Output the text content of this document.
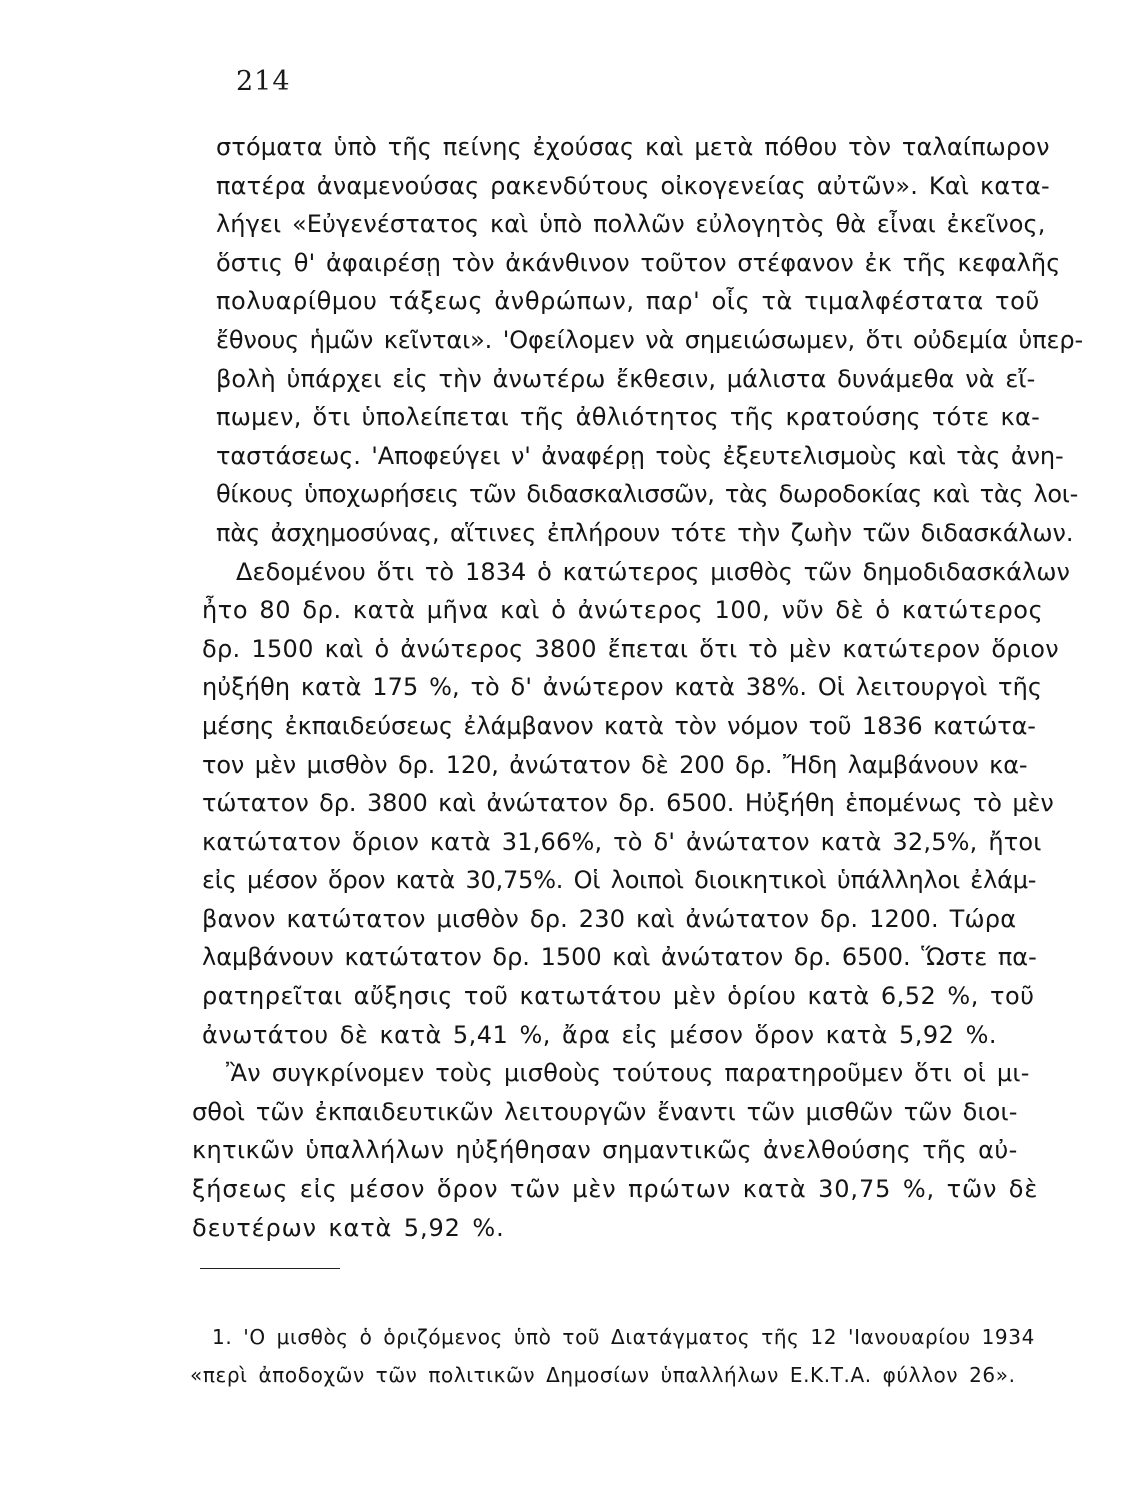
214
στόματα ὑπὸ τῆς πείνης ἐχούσας καὶ μετὰ πόθου τὸν ταλαίπωρον
πατέρα ἀναμενούσας ρακενδύτους οἰκογενείας αὐτῶν». Καὶ κατα-
λήγει «Εὐγενέστατος καὶ ὑπὸ πολλῶν εὐλογητὸς θὰ εἶναι ἐκεῖνος,
ὅστις θ' ἀφαιρέσῃ τὸν ἀκάνθινον τοῦτον στέφανον ἐκ τῆς κεφαλῆς
πολυαρίθμου τάξεως ἀνθρώπων, παρ' οἷς τὰ τιμαλφέστατα τοῦ
ἔθνους ἡμῶν κεῖνται». 'Οφείλομεν νὰ σημειώσωμεν, ὅτι οὐδεμία ὑπερ-
βολὴ ὑπάρχει εἰς τὴν ἀνωτέρω ἔκθεσιν, μάλιστα δυνάμεθα νὰ εἴ-
πωμεν, ὅτι ὑπολείπεται τῆς ἀθλιότητος τῆς κρατούσης τότε κα-
ταστάσεως. 'Αποφεύγει ν' ἀναφέρῃ τοὺς ἐξευτελισμοὺς καὶ τὰς ἀνη-
θίκους ὑποχωρήσεις τῶν διδασκαλισσῶν, τὰς δωροδοκίας καὶ τὰς λοι-
πὰς ἀσχημοσύνας, αἵτινες ἐπλήρουν τότε τὴν ζωὴν τῶν διδασκάλων.
Δεδομένου ὅτι τὸ 1834 ὁ κατώτερος μισθὸς τῶν δημοδιδασκάλων
ἦτο 80 δρ. κατὰ μῆνα καὶ ὁ ἀνώτερος 100, νῦν δὲ ὁ κατώτερος
δρ. 1500 καὶ ὁ ἀνώτερος 3800 ἔπεται ὅτι τὸ μὲν κατώτερον ὅριον
ηὐξήθη κατὰ 175 %, τὸ δ' ἀνώτερον κατὰ 38%. Οἱ λειτουργοὶ τῆς
μέσης ἐκπαιδεύσεως ἐλάμβανον κατὰ τὸν νόμον τοῦ 1836 κατώτα-
τον μὲν μισθὸν δρ. 120, ἀνώτατον δὲ 200 δρ. Ἤδη λαμβάνουν κα-
τώτατον δρ. 3800 καὶ ἀνώτατον δρ. 6500. Ηὐξήθη ἑπομένως τὸ μὲν
κατώτατον ὅριον κατὰ 31,66%, τὸ δ' ἀνώτατον κατὰ 32,5%, ἤτοι
εἰς μέσον ὅρον κατὰ 30,75%. Οἱ λοιποὶ διοικητικοὶ ὑπάλληλοι ἐλάμ-
βανον κατώτατον μισθὸν δρ. 230 καὶ ἀνώτατον δρ. 1200. Τώρα
λαμβάνουν κατώτατον δρ. 1500 καὶ ἀνώτατον δρ. 6500. Ὥστε πα-
ρατηρεῖται αὔξησις τοῦ κατωτάτου μὲν ὁρίου κατὰ 6,52 %, τοῦ
ἀνωτάτου δὲ κατὰ 5,41 %, ἄρα εἰς μέσον ὅρον κατὰ 5,92 %.
Ἂν συγκρίνομεν τοὺς μισθοὺς τούτους παρατηροῦμεν ὅτι οἱ μι-
σθοὶ τῶν ἐκπαιδευτικῶν λειτουργῶν ἔναντι τῶν μισθῶν τῶν διοι-
κητικῶν ὑπαλλήλων ηὐξήθησαν σημαντικῶς ἀνελθούσης τῆς αὐ-
ξήσεως εἰς μέσον ὅρον τῶν μὲν πρώτων κατὰ 30,75 %, τῶν δὲ
δευτέρων κατὰ 5,92 %.
1. 'Ο μισθὸς ὁ ὁριζόμενος ὑπὸ τοῦ Διατάγματος τῆς 12 'Ιανουαρίου 1934
«περὶ ἀποδοχῶν τῶν πολιτικῶν Δημοσίων ὑπαλλήλων Ε.Κ.Τ.Α. φύλλον 26».
